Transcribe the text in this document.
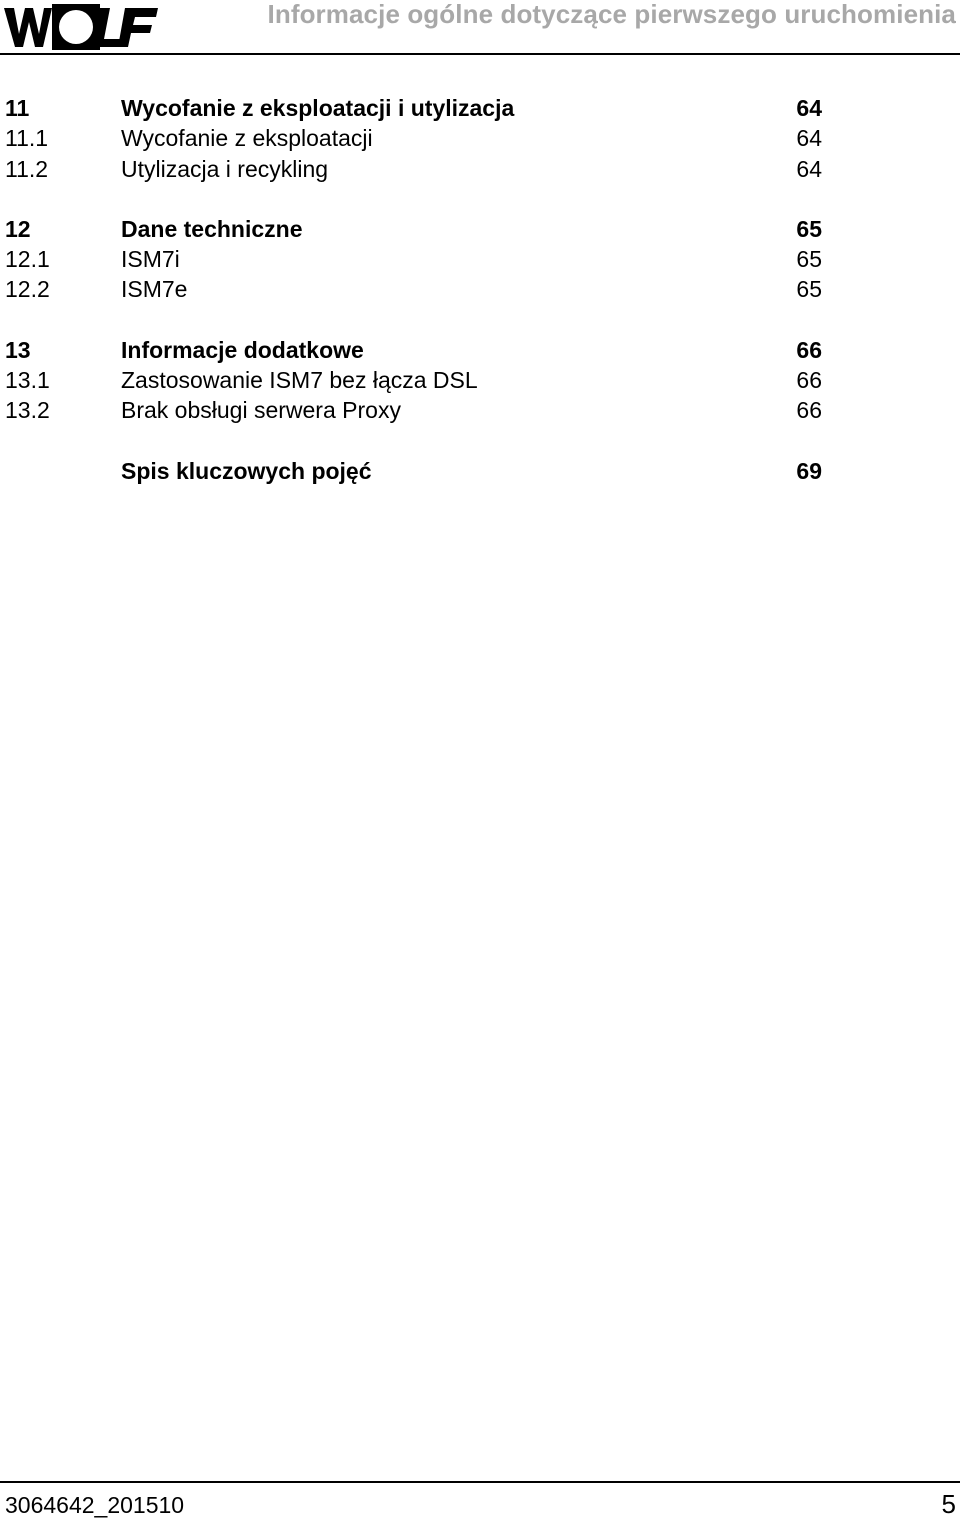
Informacje ogólne dotyczące pierwszego uruchomienia
11	Wycofanie z eksploatacji i utylizacja	64
11.1	Wycofanie z eksploatacji	64
11.2	Utylizacja i recykling	64
12	Dane techniczne	65
12.1	ISM7i	65
12.2	ISM7e	65
13	Informacje dodatkowe	66
13.1	Zastosowanie ISM7 bez łącza DSL	66
13.2	Brak obsługi serwera Proxy	66
Spis kluczowych pojęć	69
3064642_201510	5
